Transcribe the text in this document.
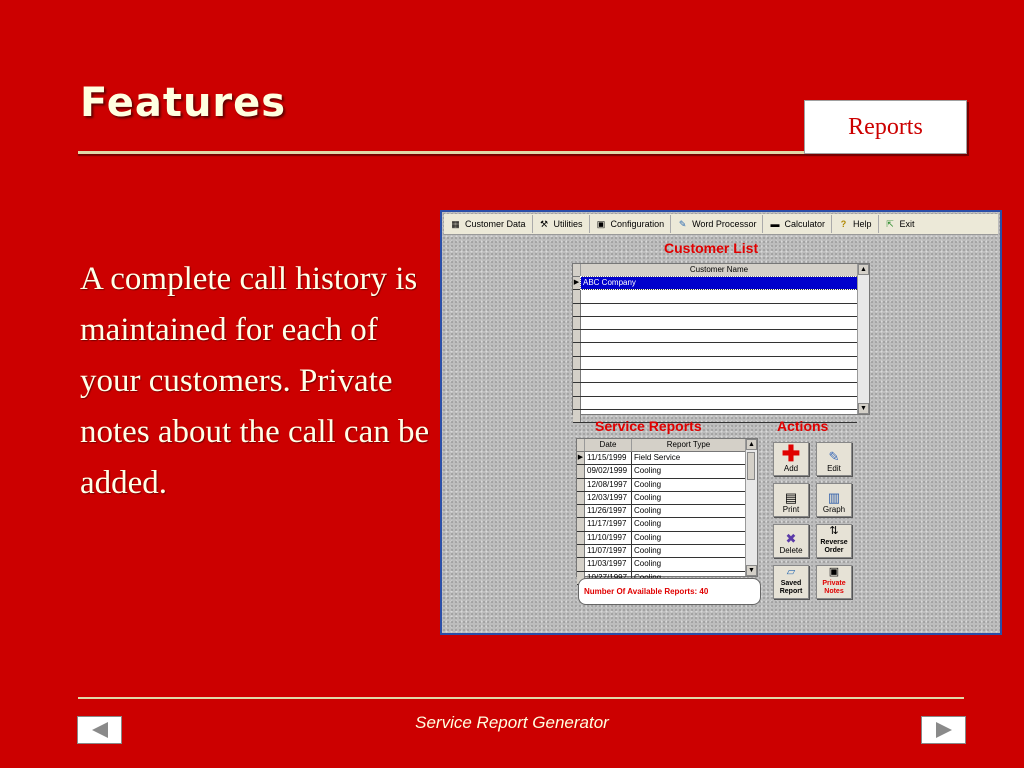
Features
Reports
A complete call history is maintained for each of your customers. Private notes about the call can be added.
▦ Customer Data ⚒ Utilities ▣ Configuration ✎ Word Processor ▬ Calculator	? Help ⇱ Exit
Customer List
Customer Name
▶ ABC Company
▲
▼
Service Reports	Actions
Date	Report Type
▶ 11/15/1999 Field Service
09/02/1999 Cooling
12/08/1997 Cooling
12/03/1997 Cooling
11/26/1997 Cooling
11/17/1997 Cooling
11/10/1997 Cooling
11/07/1997 Cooling
11/03/1997 Cooling
▲
▼
Number Of Available Reports: 40
✚
Add
✎
Edit
▤
Print
▥
Graph
✖
Delete
⇅
Reverse Order
▱
Saved Report
▣
Private Notes
Service Report Generator
